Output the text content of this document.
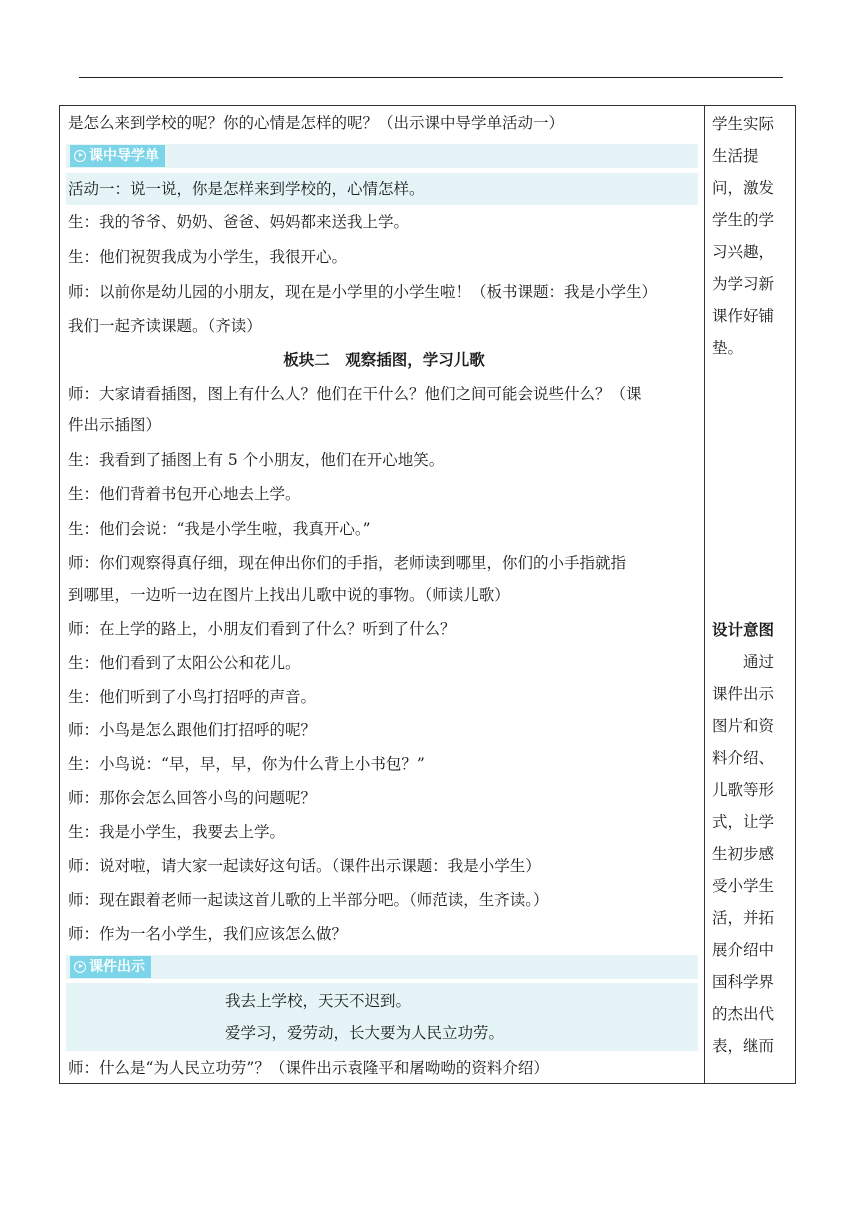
是怎么来到学校的呢？你的心情是怎样的呢？（出示课中导学单活动一）
课中导学单
活动一：说一说，你是怎样来到学校的，心情怎样。
生：我的爷爷、奶奶、爸爸、妈妈都来送我上学。
生：他们祝贺我成为小学生，我很开心。
师：以前你是幼儿园的小朋友，现在是小学里的小学生啦！（板书课题：我是小学生）
我们一起齐读课题。（齐读）
板块二　观察插图，学习儿歌
师：大家请看插图，图上有什么人？他们在干什么？他们之间可能会说些什么？（课
件出示插图）
生：我看到了插图上有 5 个小朋友，他们在开心地笑。
生：他们背着书包开心地去上学。
生：他们会说：“我是小学生啦，我真开心。”
师：你们观察得真仔细，现在伸出你们的手指，老师读到哪里，你们的小手指就指
到哪里，一边听一边在图片上找出儿歌中说的事物。（师读儿歌）
师：在上学的路上，小朋友们看到了什么？听到了什么？
生：他们看到了太阳公公和花儿。
生：他们听到了小鸟打招呼的声音。
师：小鸟是怎么跟他们打招呼的呢？
生：小鸟说：“早，早，早，你为什么背上小书包？”
师：那你会怎么回答小鸟的问题呢？
生：我是小学生，我要去上学。
师：说对啦，请大家一起读好这句话。（课件出示课题：我是小学生）
师：现在跟着老师一起读这首儿歌的上半部分吧。（师范读，生齐读。）
师：作为一名小学生，我们应该怎么做？
课件出示
我去上学校，天天不迟到。
爱学习，爱劳动，长大要为人民立功劳。
师：什么是“为人民立功劳”？（课件出示袁隆平和屠呦呦的资料介绍）
学生实际
生活提
问，激发
学生的学
习兴趣，
为学习新
课作好铺
垫。
设计意图
通过
课件出示
图片和资
料介绍、
儿歌等形
式，让学
生初步感
受小学生
活，并拓
展介绍中
国科学界
的杰出代
表，继而
